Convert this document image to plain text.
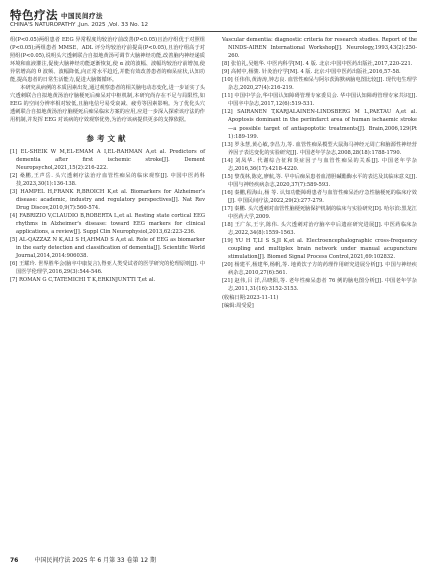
特色疗法 中国民间疗法
CHINA'S NATUROPATHY ,Jun. 2025 ,Vol. 33 No. 12

组(P<0.05)两组患者 EEG 异常程度均较治疗前改善(P<0.05)且治疗组优于对照组(P<0.05);两组患者 MMSE、ADL 评分均较治疗前提高(P<0.05),且治疗组高于对照组(P<0.05),说明头穴透刺联合自拟地黄汤可调节大脑神经功能,改善脑内神经递质环境和血液灌注,促使大脑神经功能逐渐恢复,使 α 波的波幅、波幅均较治疗前增加,使异常增高的 θ 波频、波幅降低,向正常水平趋近,并能有效改善患者的痴呆症状,认知功能,提高患者的日常生活能力,促进大脑微循环。

本研究从病例的本质因素出发,通过观察患者的相关脑电动态变化,进一步证实了头穴透刺联合自拟地黄汤治疗脑梗死后痴呆对中枢机制,本研究尚存在不足与局限性,如 EEG 的空间分辨率相对较低,且脑电信号易受衰减、疲劳等因素影响。为了优化头穴透刺联合自拟地黄汤治疗脑梗死后痴呆临床方案的应用,应进一步深入探索该疗法的作用机制,并发挥 EEG 对该病的疗效观察优势,为治疗该病提供更多的支撑依据。

参考文献

[1] EL-SHEIK W M,EL-EMAM A I,EL-RAHMAN A,et al. Predictors of dementia after first ischemic stroke[J]. Dement Neuropsychol,2021,15(2):216-222.

[2] 桑鹏,王声岳. 头穴透刺疗法治疗血管性痴呆的临床观察[J]. 中国中医药科技,2023,30(1):136-138.

[3] HAMPEL H,FRANK R,BROICH K,et al. Biomarkers for Alzheimer's disease: academic, industry and regulatory perspectives[J]. Nat Rev Drug Discov,2010,9(7):560-574.

[4] FABRIZIO V,CLAUDIO B,ROBERTA L,et al. Resting state cortical EEG rhythms in Alzheimer's disease: toward EEG markers for clinical applications, a review[J]. Suppl Clin Neurophysiol,2013,62:223-236.

[5] AL-QAZZAZ N K,ALI S H,AHMAD S A,et al. Role of EEG as biomarker in the early detection and classification of dementia[J]. Scientific World Journal,2014,2014:906038.

[6] 王耀玲. 世界胜华会(脑卒中康复言),脊亚人类受试者的医学研究的伦理原则[J]. 中国医学伦理学,2016,29(3):544-546.

[7] ROMAN G C,TATEMICHI T K,ERKINJUNTTI T,et al.

Vascular dementia: diagnostic criteria for research studies. Report of the NINDS-AIREN International Workshop[J]. Neurology,1993,43(2):250-260.

[8] 张伯礼,吴勉华. 中医内科学[M]. 4 版. 北京:中国中医药出版社,2017,220-221.

[9] 高树中,杨骏. 针灸治疗学[M]. 4 版. 北京:中国中医药出版社,2016,57-58.

[10] 任伟伟,黄涛涛,钟志良. 血管性痴呆与阿尔茨海默病脑电图比较[J]. 现代电生理学杂志,2020,27(4):216-219.

[11] 中国中学会,华中国认知障碍管理专家委员会. 华中国认知障碍管理专家共识[J]. 中国卒中杂志,2017,12(6):519-531.

[12] SAIRANEN T,KARJALAINEN-LINDSBERG M L,PAETAU A,et al. Apoptosis dominant in the periinfarct area of human ischaemic stroke—a possible target of antiapoptotic treatments[J]. Brain,2006,129(Pt 1):189-199.

[13] 罗永慧,黄心敏,李昌力,等. 血管性痴呆模型大鼠海马神经元周亡和脑源性神经营养因子表达变化的实验研究[J]. 中国老年学杂志,2008,28(18):1788-1790.

[14] 刘凤华. 代谢综合征和炎症因子与血管性痴呆的关系[J]. 中国老年学杂志,2016,36(17):4218-4220.

[15] 黎茂林,陈克,廖航,等. 早中后痴呆患者血清胆碱酯酶水平的表达及其临床意义[J]. 中国与神经疾病杂志,2020,37(7):589-593.

[16] 秦鹏,程海山,杨 等. 认知功能障碍患者与血管性痴呆治疗急性脑梗死的临床疗效[J]. 中国民间疗法,2022,29(2):277-279.

[17] 秦鹏. 头穴透刺对血管性脑梗死脑保护机制的临床与实验研究[D]. 哈尔滨:黑龙江中医药大学,2009.

[18] 王广东,王宇,陈伟. 头穴透刺对治疗脑卒中后遗症研究进展[J]. 中医药临床杂志,2022,34(8):1559-1563.

[19] YU H T,LI S S,JI K,et al. Electroencephalographic cross-frequency coupling and multiplex brain network under manual acupuncture stimulation[J]. Biomed Signal Process Control,2021,69:102832.

[20] 杨建平,杨建华,杨帆,等. 地黄饮子方的药理作用研究进展分析[J]. 中国与神经疾病杂志,2010,27(6):561.

[21] 赵伟,吕 洋,吕晓阳,等. 老年性痴呆患者 76 例的脑电图分析[J]. 中国老年学杂志,2011,31(16):3152-3153.

(收稿日期:2023-11-11)

[编辑:周受爱]

76	中国民间疗法 2025 年 6 月第 33 卷第 12 期
